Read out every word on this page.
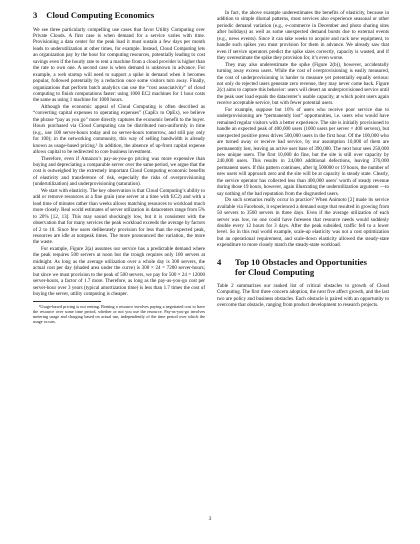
3 Cloud Computing Economics

We see three particularly compelling use cases that favor Utility Computing over Private Clouds. A first case is when demand for a service varies with time. Provisioning a data center for the peak load it must sustain a few days per month leads to underutilization at other times, for example. Instead, Cloud Computing lets an organization pay by the hour for computing resources, potentially leading to cost savings even if the hourly rate to rent a machine from a cloud provider is higher than the rate to own one. A second case is when demand is unknown in advance. For example, a web startup will need to support a spike in demand when it becomes popular, followed potentially by a reduction once some visitors turn away. Finally, organizations that perform batch analytics can use the “cost associativity” of cloud computing to finish computations faster: using 1000 EC2 machines for 1 hour costs the same as using 1 machine for 1000 hours.

Although the economic appeal of Cloud Computing is often described as “converting capital expenses to operating expenses” (CapEx to OpEx), we believe the phrase “pay as you go” more directly captures the economic benefit to the buyer. Hours purchased via Cloud Computing can be distributed non-uniformly in time (e.g., use 100 server-hours today and no server-hours tomorrow, and still pay only for 100); in the networking community, this way of selling bandwidth is already known as usage-based pricing.¹ In addition, the absence of up-front capital expense allows capital to be redirected to core business investment.

Therefore, even if Amazon’s pay-as-you-go pricing was more expensive than buying and depreciating a comparable server over the same period, we argue that the cost is outweighed by the extremely important Cloud Computing economic benefits of elasticity and transference of risk, especially the risks of overprovisioning (underutilization) and underprovisioning (saturation).

We start with elasticity. The key observation is that Cloud Computing’s ability to add or remove resources at a fine grain (one server at a time with EC2) and with a lead time of minutes rather than weeks allows matching resources to workload much more closely. Real world estimates of server utilization in datacenters range from 5% to 20% [12, 13]. This may sound shockingly low, but it is consistent with the observation that for many services the peak workload exceeds the average by factors of 2 to 10. Since few users deliberately provision for less than the expected peak, resources are idle at nonpeak times. The more pronounced the variation, the more the waste.

For example, Figure 2(a) assumes our service has a predictable demand where the peak requires 500 servers at noon but the trough requires only 100 servers at midnight. As long as the average utilization over a whole day is 300 servers, the actual cost per day (shaded area under the curve) is 300 × 24 = 7200 server-hours; but since we must provision to the peak of 500 servers, we pay for 500 × 24 = 12000 server-hours, a factor of 1.7 more. Therefore, as long as the pay-as-you-go cost per server-hour over 3 years (typical amortization time) is less than 1.7 times the cost of buying the server, utility computing is cheaper.

¹Usage-based pricing is not renting. Renting a resource involves paying a negotiated cost to have the resource over some time period, whether or not you use the resource. Pay-as-you-go involves metering usage and charging based on actual use, independently of the time period over which the usage occurs.

In fact, the above example underestimates the benefits of elasticity, because in addition to simple diurnal patterns, most services also experience seasonal or other periodic demand variation (e.g., e-commerce in December and photo sharing sites after holidays) as well as some unexpected demand bursts due to external events (e.g., news events). Since it can take weeks to acquire and rack new equipment, to handle such spikes you must provision for them in advance. We already saw that even if service operators predict the spike sizes correctly, capacity is wasted, and if they overestimate the spike they provision for, it’s even worse.

They may also underestimate the spike (Figure 2(b)), however, accidentally turning away excess users. While the cost of overprovisioning is easily measured, the cost of underprovisioning is harder to measure yet potentially equally serious: not only do rejected users generate zero revenue, they may never come back. Figure 2(c) aims to capture this behavior: users will desert an underprovisioned service until the peak user load equals the datacenter’s usable capacity, at which point users again receive acceptable service, but with fewer potential users.

For example, suppose but 10% of users who receive poor service due to underprovisioning are “permanently lost” opportunities, i.e. users who would have remained regular visitors with a better experience. The site is initially provisioned to handle an expected peak of 400,000 users (1000 users per server × 400 servers), but unexpected positive press drives 500,000 users in the first hour. Of the 100,000 who are turned away or receive bad service, by our assumption 10,000 of them are permanently lost, leaving an active user base of 390,000. The next hour sees 250,000 new unique users. The first 10,000 do fine, but the site is still over capacity by 240,000 users. This results in 24,000 additional defections, leaving 376,000 permanent users. If this pattern continues, after lg 500000 or 19 hours, the number of new users will approach zero and the site will be at capacity in steady state. Clearly, the service operator has collected less than 400,000 users’ worth of steady revenue during those 19 hours, however, again illustrating the underutilization argument —to say nothing of the bad reputation from the disgruntled users.

Do such scenarios really occur in practice? When Animoto [2] made its service available via Facebook, it experienced a demand surge that resulted in growing from 50 servers to 3500 servers in three days. Even if the average utilization of each server was low, no one could have foreseen that resource needs would suddenly double every 12 hours for 3 days. After the peak subsided, traffic fell to a lower level. So in this real world example, scale-up elasticity was not a cost optimization but an operational requirement, and scale-down elasticity allowed the steady-state expenditure to more closely match the steady-state workload.

4	Top 10 Obstacles and Opportunities
for Cloud Computing

Table 2 summarizes our ranked list of critical obstacles to growth of Cloud Computing. The first three concern adoption, the next five affect growth, and the last two are policy and business obstacles. Each obstacle is paired with an opportunity to overcome that obstacle, ranging from product development to research projects.

3
